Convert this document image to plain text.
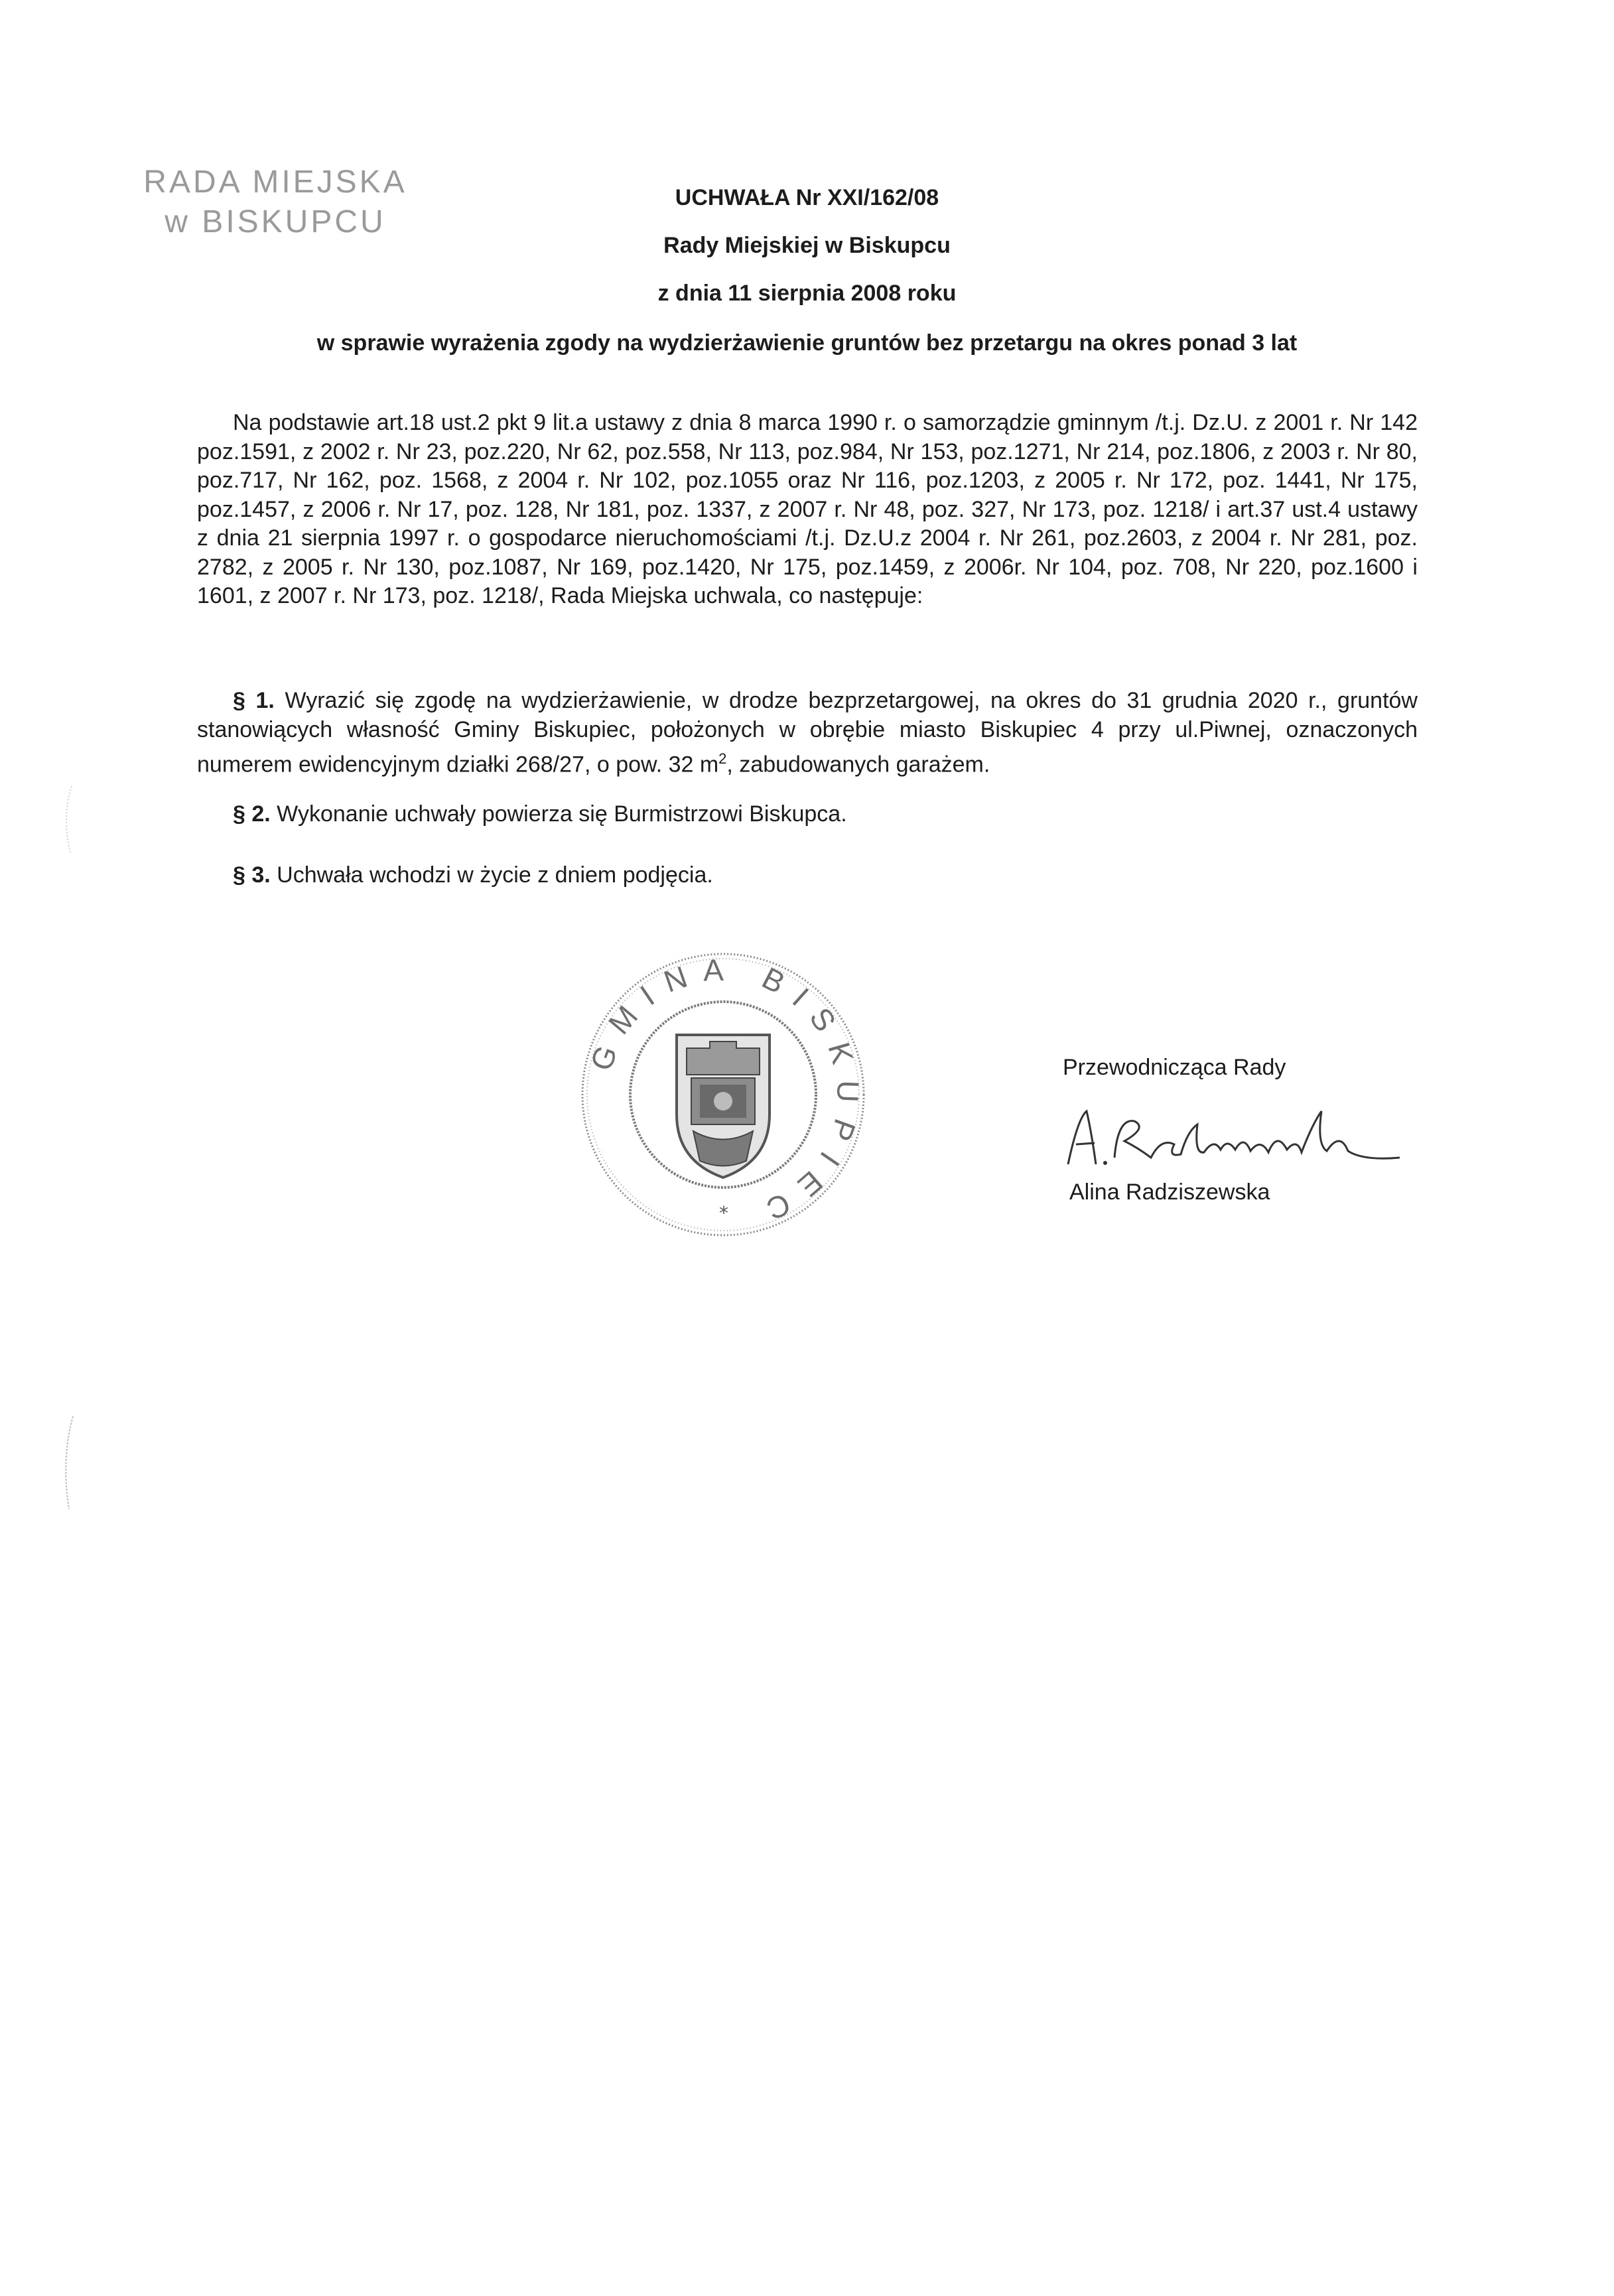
RADA MIEJSKA
w BISKUPCU
UCHWAŁA Nr XXI/162/08
Rady Miejskiej w Biskupcu
z dnia 11 sierpnia 2008 roku
w sprawie wyrażenia zgody na wydzierżawienie gruntów bez przetargu na okres ponad 3 lat
Na podstawie art.18 ust.2 pkt 9 lit.a ustawy z dnia 8 marca 1990 r. o samorządzie gminnym /t.j. Dz.U. z 2001 r. Nr 142 poz.1591, z 2002 r. Nr 23, poz.220, Nr 62, poz.558, Nr 113, poz.984, Nr 153, poz.1271, Nr 214, poz.1806, z 2003 r. Nr 80, poz.717, Nr 162, poz. 1568, z 2004 r. Nr 102, poz.1055 oraz Nr 116, poz.1203, z 2005 r. Nr 172, poz. 1441, Nr 175, poz.1457, z 2006 r. Nr 17, poz. 128, Nr 181, poz. 1337, z 2007 r. Nr 48, poz. 327, Nr 173, poz. 1218/ i art.37 ust.4 ustawy z dnia 21 sierpnia 1997 r. o gospodarce nieruchomościami /t.j. Dz.U.z 2004 r. Nr 261, poz.2603, z 2004 r. Nr 281, poz. 2782, z 2005 r. Nr 130, poz.1087, Nr 169, poz.1420, Nr 175, poz.1459, z 2006r. Nr 104, poz. 708, Nr 220, poz.1600 i 1601, z 2007 r. Nr 173, poz. 1218/, Rada Miejska uchwala, co następuje:
§ 1. Wyrazić się zgodę na wydzierżawienie, w drodze bezprzetargowej, na okres do 31 grudnia 2020 r., gruntów stanowiących własność Gminy Biskupiec, położonych w obrębie miasto Biskupiec 4 przy ul.Piwnej, oznaczonych numerem ewidencyjnym działki 268/27, o pow. 32 $m^2$, zabudowanych garażem.
§ 2. Wykonanie uchwały powierza się Burmistrzowi Biskupca.
§ 3. Uchwała wchodzi w życie z dniem podjęcia.
GMINA BISKUPIEC
*
Przewodnicząca Rady
Alina Radziszewska
